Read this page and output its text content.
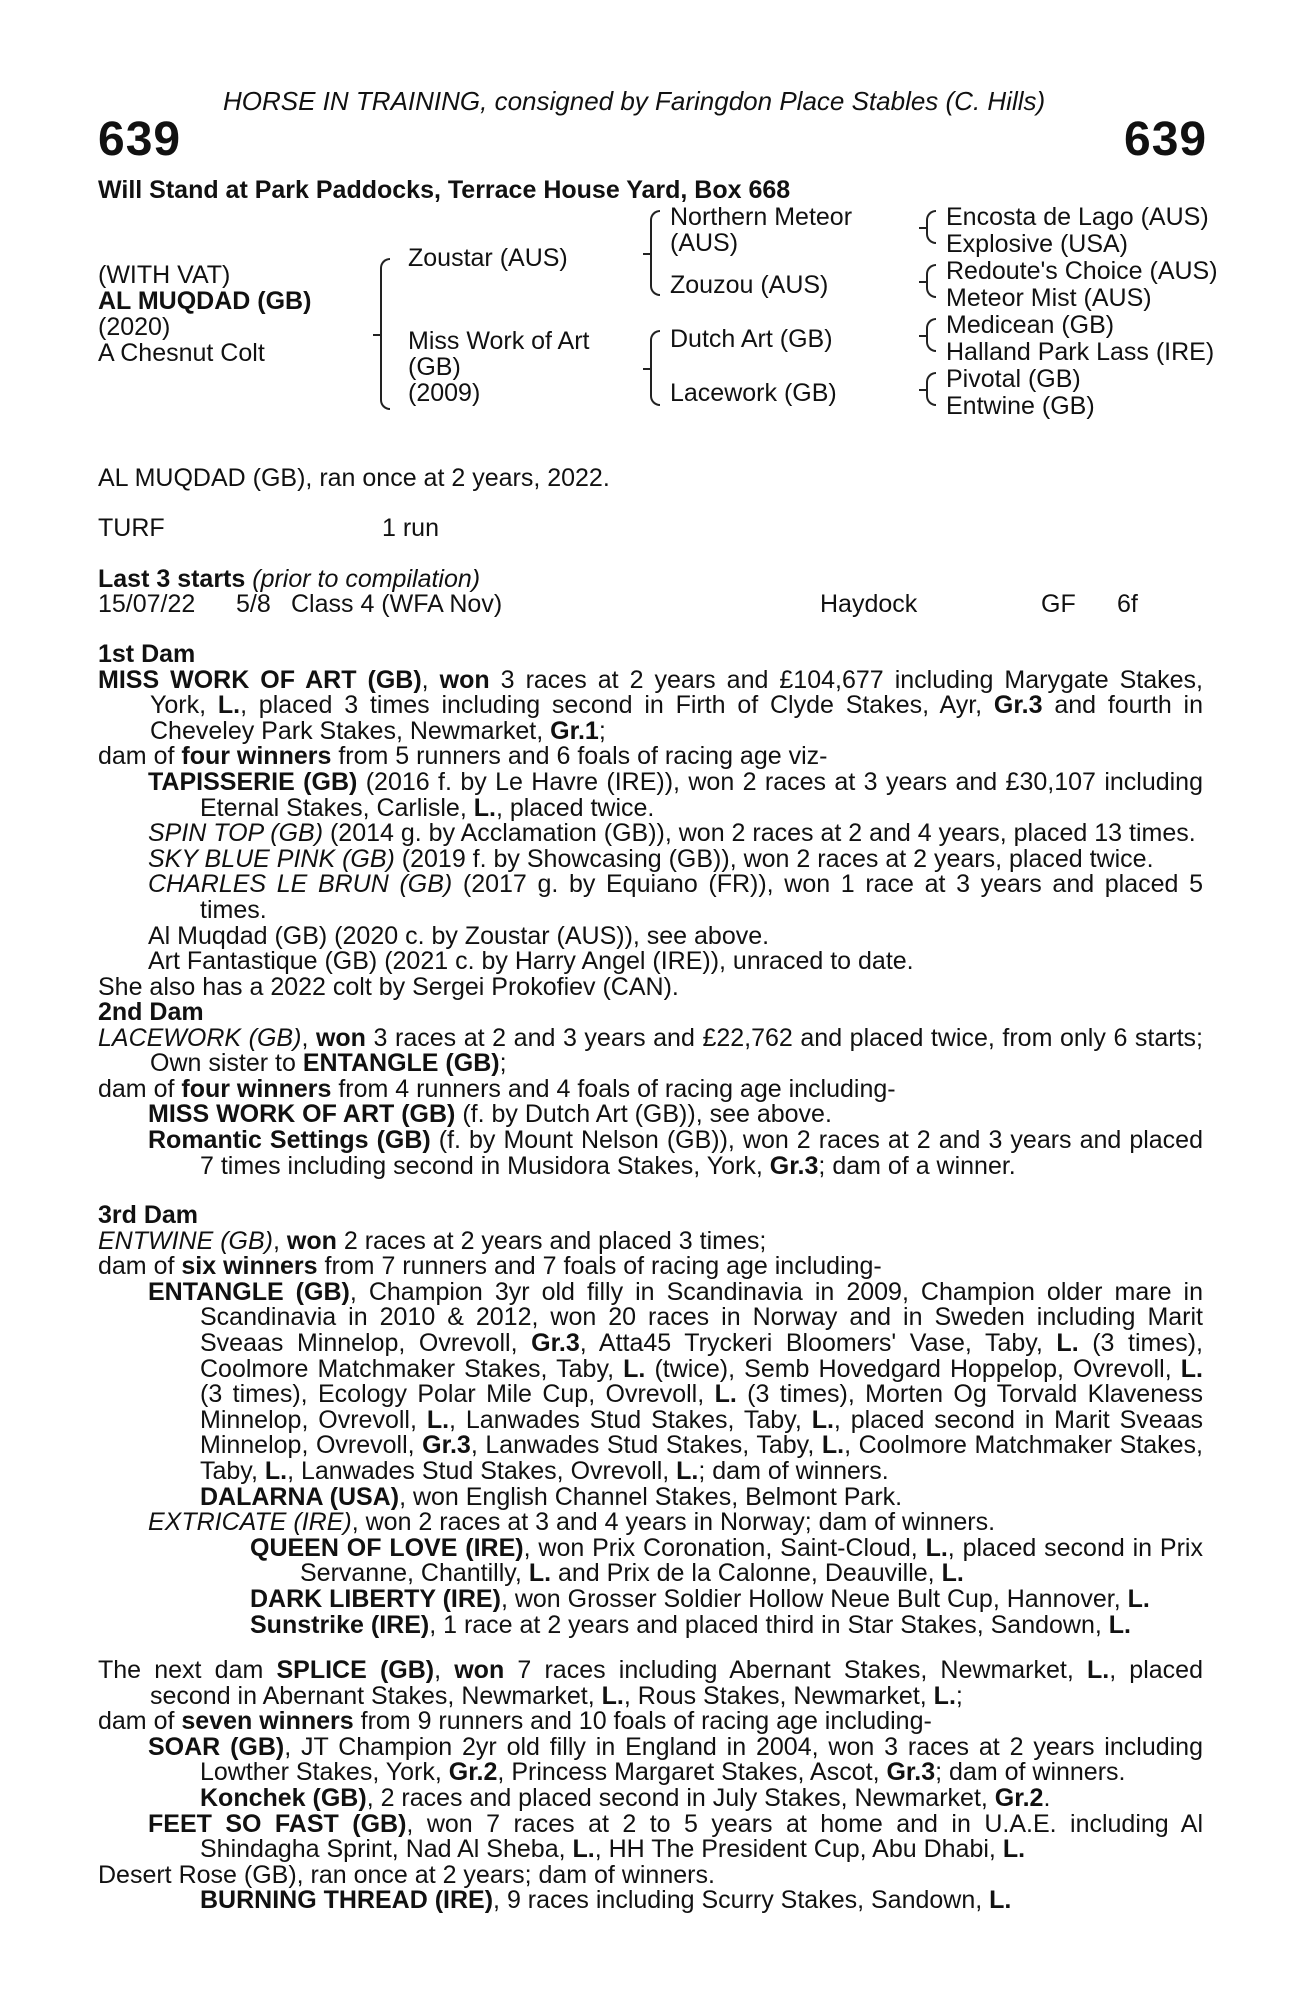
HORSE IN TRAINING, consigned by Faringdon Place Stables (C. Hills)
639	639
Will Stand at Park Paddocks, Terrace House Yard, Box 668
(WITH VAT)
AL MUQDAD (GB)
(2020)
A Chesnut Colt
Zoustar (AUS)
Miss Work of Art
(GB)
(2009)
Northern Meteor
(AUS)
Zouzou (AUS)
Dutch Art (GB)
Lacework (GB)
Encosta de Lago (AUS)
Explosive (USA)
Redoute's Choice (AUS)
Meteor Mist (AUS)
Medicean (GB)
Halland Park Lass (IRE)
Pivotal (GB)
Entwine (GB)
AL MUQDAD (GB), ran once at 2 years, 2022.
TURF	1 run
Last 3 starts (prior to compilation)
15/07/22 5/8 Class 4 (WFA Nov)	Haydock	GF 6f

1st Dam

MISS WORK OF ART (GB), won 3 races at 2 years and £104,677 including Marygate Stakes, York, L., placed 3 times including second in Firth of Clyde Stakes, Ayr, Gr.3 and fourth in Cheveley Park Stakes, Newmarket, Gr.1;

dam of four winners from 5 runners and 6 foals of racing age viz-

TAPISSERIE (GB) (2016 f. by Le Havre (IRE)), won 2 races at 3 years and £30,107 including Eternal Stakes, Carlisle, L., placed twice.

SPIN TOP (GB) (2014 g. by Acclamation (GB)), won 2 races at 2 and 4 years, placed 13 times.

SKY BLUE PINK (GB) (2019 f. by Showcasing (GB)), won 2 races at 2 years, placed twice.

CHARLES LE BRUN (GB) (2017 g. by Equiano (FR)), won 1 race at 3 years and placed 5 times.

Al Muqdad (GB) (2020 c. by Zoustar (AUS)), see above.

Art Fantastique (GB) (2021 c. by Harry Angel (IRE)), unraced to date.

She also has a 2022 colt by Sergei Prokofiev (CAN).

2nd Dam

LACEWORK (GB), won 3 races at 2 and 3 years and £22,762 and placed twice, from only 6 starts; Own sister to ENTANGLE (GB);

dam of four winners from 4 runners and 4 foals of racing age including-

MISS WORK OF ART (GB) (f. by Dutch Art (GB)), see above.

Romantic Settings (GB) (f. by Mount Nelson (GB)), won 2 races at 2 and 3 years and placed 7 times including second in Musidora Stakes, York, Gr.3; dam of a winner.

3rd Dam

ENTWINE (GB), won 2 races at 2 years and placed 3 times;

dam of six winners from 7 runners and 7 foals of racing age including-

ENTANGLE (GB), Champion 3yr old filly in Scandinavia in 2009, Champion older mare in Scandinavia in 2010 & 2012, won 20 races in Norway and in Sweden including Marit Sveaas Minnelop, Ovrevoll, Gr.3, Atta45 Tryckeri Bloomers' Vase, Taby, L. (3 times), Coolmore Matchmaker Stakes, Taby, L. (twice), Semb Hovedgard Hoppelop, Ovrevoll, L. (3 times), Ecology Polar Mile Cup, Ovrevoll, L. (3 times), Morten Og Torvald Klaveness Minnelop, Ovrevoll, L., Lanwades Stud Stakes, Taby, L., placed second in Marit Sveaas Minnelop, Ovrevoll, Gr.3, Lanwades Stud Stakes, Taby, L., Coolmore Matchmaker Stakes, Taby, L., Lanwades Stud Stakes, Ovrevoll, L.; dam of winners.

DALARNA (USA), won English Channel Stakes, Belmont Park.

EXTRICATE (IRE), won 2 races at 3 and 4 years in Norway; dam of winners.

QUEEN OF LOVE (IRE), won Prix Coronation, Saint-Cloud, L., placed second in Prix Servanne, Chantilly, L. and Prix de la Calonne, Deauville, L.

DARK LIBERTY (IRE), won Grosser Soldier Hollow Neue Bult Cup, Hannover, L.

Sunstrike (IRE), 1 race at 2 years and placed third in Star Stakes, Sandown, L.

The next dam SPLICE (GB), won 7 races including Abernant Stakes, Newmarket, L., placed second in Abernant Stakes, Newmarket, L., Rous Stakes, Newmarket, L.;

dam of seven winners from 9 runners and 10 foals of racing age including-

SOAR (GB), JT Champion 2yr old filly in England in 2004, won 3 races at 2 years including Lowther Stakes, York, Gr.2, Princess Margaret Stakes, Ascot, Gr.3; dam of winners.

Konchek (GB), 2 races and placed second in July Stakes, Newmarket, Gr.2.

FEET SO FAST (GB), won 7 races at 2 to 5 years at home and in U.A.E. including Al Shindagha Sprint, Nad Al Sheba, L., HH The President Cup, Abu Dhabi, L.

Desert Rose (GB), ran once at 2 years; dam of winners.

BURNING THREAD (IRE), 9 races including Scurry Stakes, Sandown, L.
